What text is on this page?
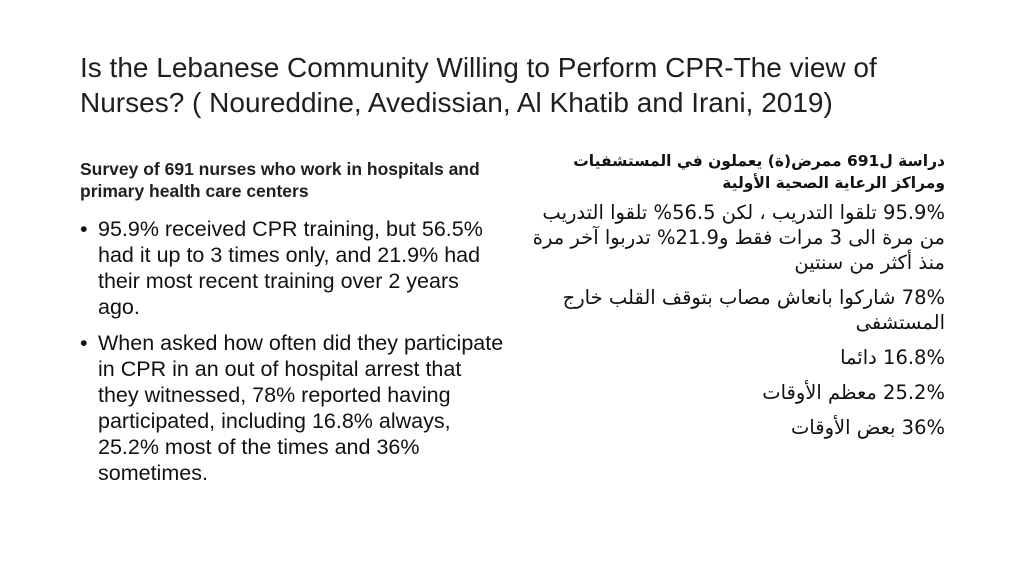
Is the Lebanese Community Willing to Perform CPR-The view of Nurses? ( Noureddine, Avedissian, Al Khatib and Irani, 2019)
Survey of 691 nurses who work in hospitals and primary health care centers
• 95.9% received CPR training, but 56.5% had it up to 3 times only, and 21.9% had their most recent training over 2 years ago.
• When asked how often did they participate in CPR in an out of hospital arrest that they witnessed, 78% reported having participated, including 16.8% always, 25.2% most of the times and 36% sometimes.
دراسة ل691 ممرض(ة) يعملون في المستشفيات ومراكز الرعاية الصحية الأولية

95.9% تلقوا التدريب ، لكن 56.5% تلقوا التدريب من مرة الى 3 مرات فقط و21.9% تدربوا آخر مرة منذ أكثر من سنتين

78% شاركوا بانعاش مصاب بتوقف القلب خارج المستشفى

16.8% دائما

25.2% معظم الأوقات

36% بعض الأوقات
